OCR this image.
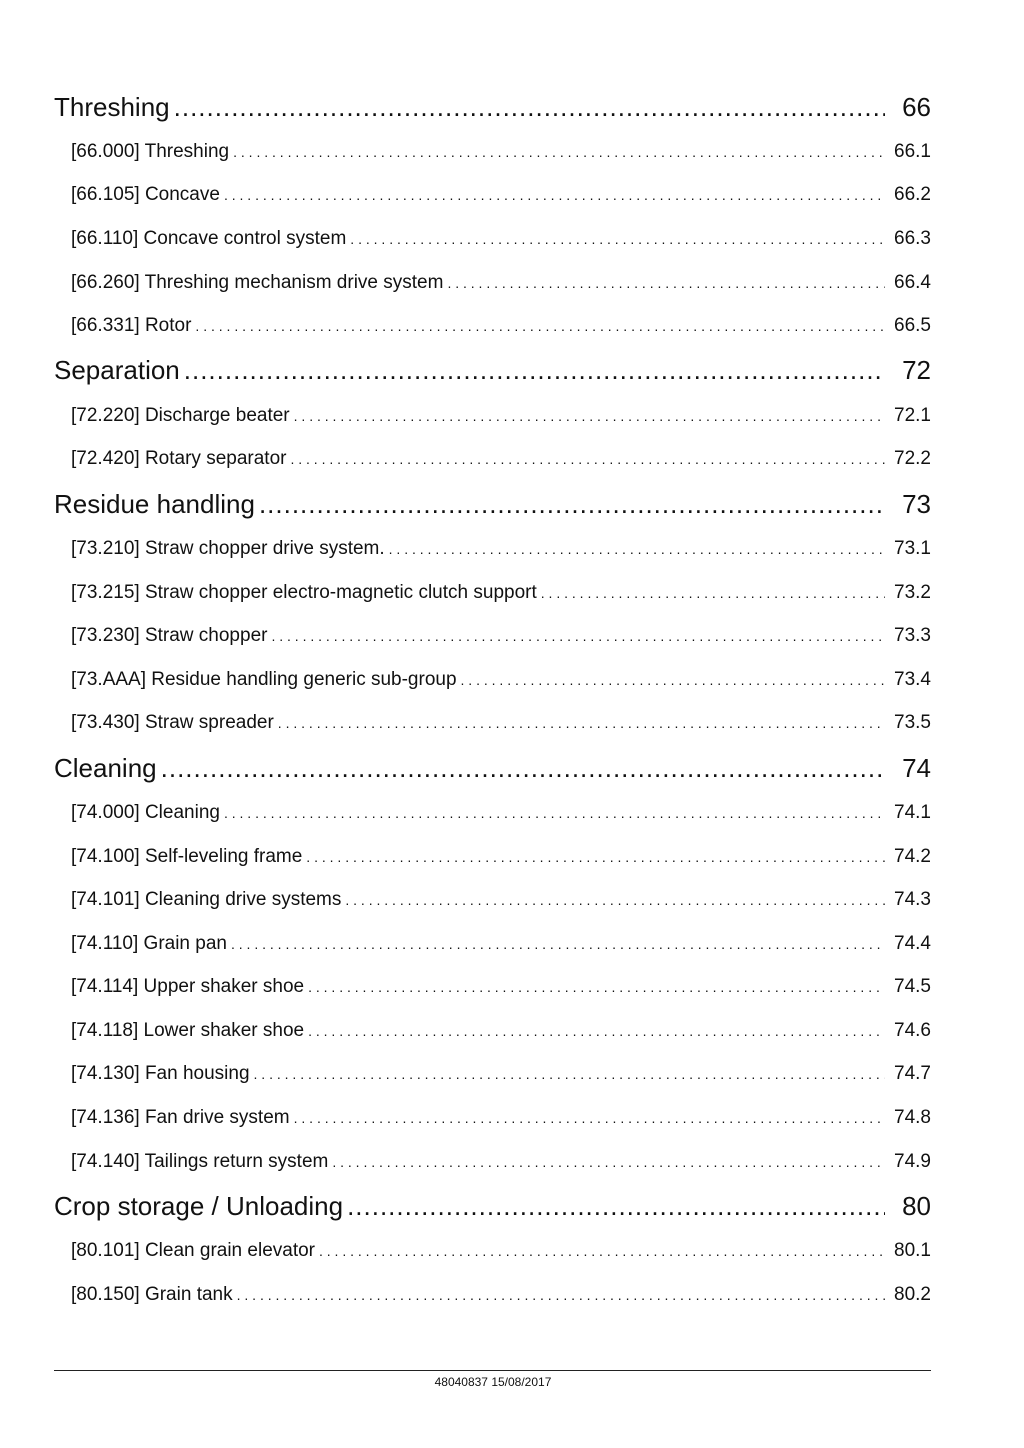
Threshing .....	66
[66.000] Threshing . . .	66.1
[66.105] Concave . . .	66.2
[66.110] Concave control system . . .	66.3
[66.260] Threshing mechanism drive system . . .	66.4
[66.331] Rotor . . .	66.5
Separation .....	72
[72.220] Discharge beater . . .	72.1
[72.420] Rotary separator . . .	72.2
Residue handling .....	73
[73.210] Straw chopper drive system. . . .	73.1
[73.215] Straw chopper electro-magnetic clutch support . . .	73.2
[73.230] Straw chopper . . .	73.3
[73.AAA] Residue handling generic sub-group . . .	73.4
[73.430] Straw spreader . . .	73.5
Cleaning .....	74
[74.000] Cleaning . . .	74.1
[74.100] Self-leveling frame . . .	74.2
[74.101] Cleaning drive systems . . .	74.3
[74.110] Grain pan . . .	74.4
[74.114] Upper shaker shoe . . .	74.5
[74.118] Lower shaker shoe . . .	74.6
[74.130] Fan housing . . .	74.7
[74.136] Fan drive system . . .	74.8
[74.140] Tailings return system . . .	74.9
Crop storage / Unloading .....	80
[80.101] Clean grain elevator . . .	80.1
[80.150] Grain tank . . .	80.2
48040837 15/08/2017
